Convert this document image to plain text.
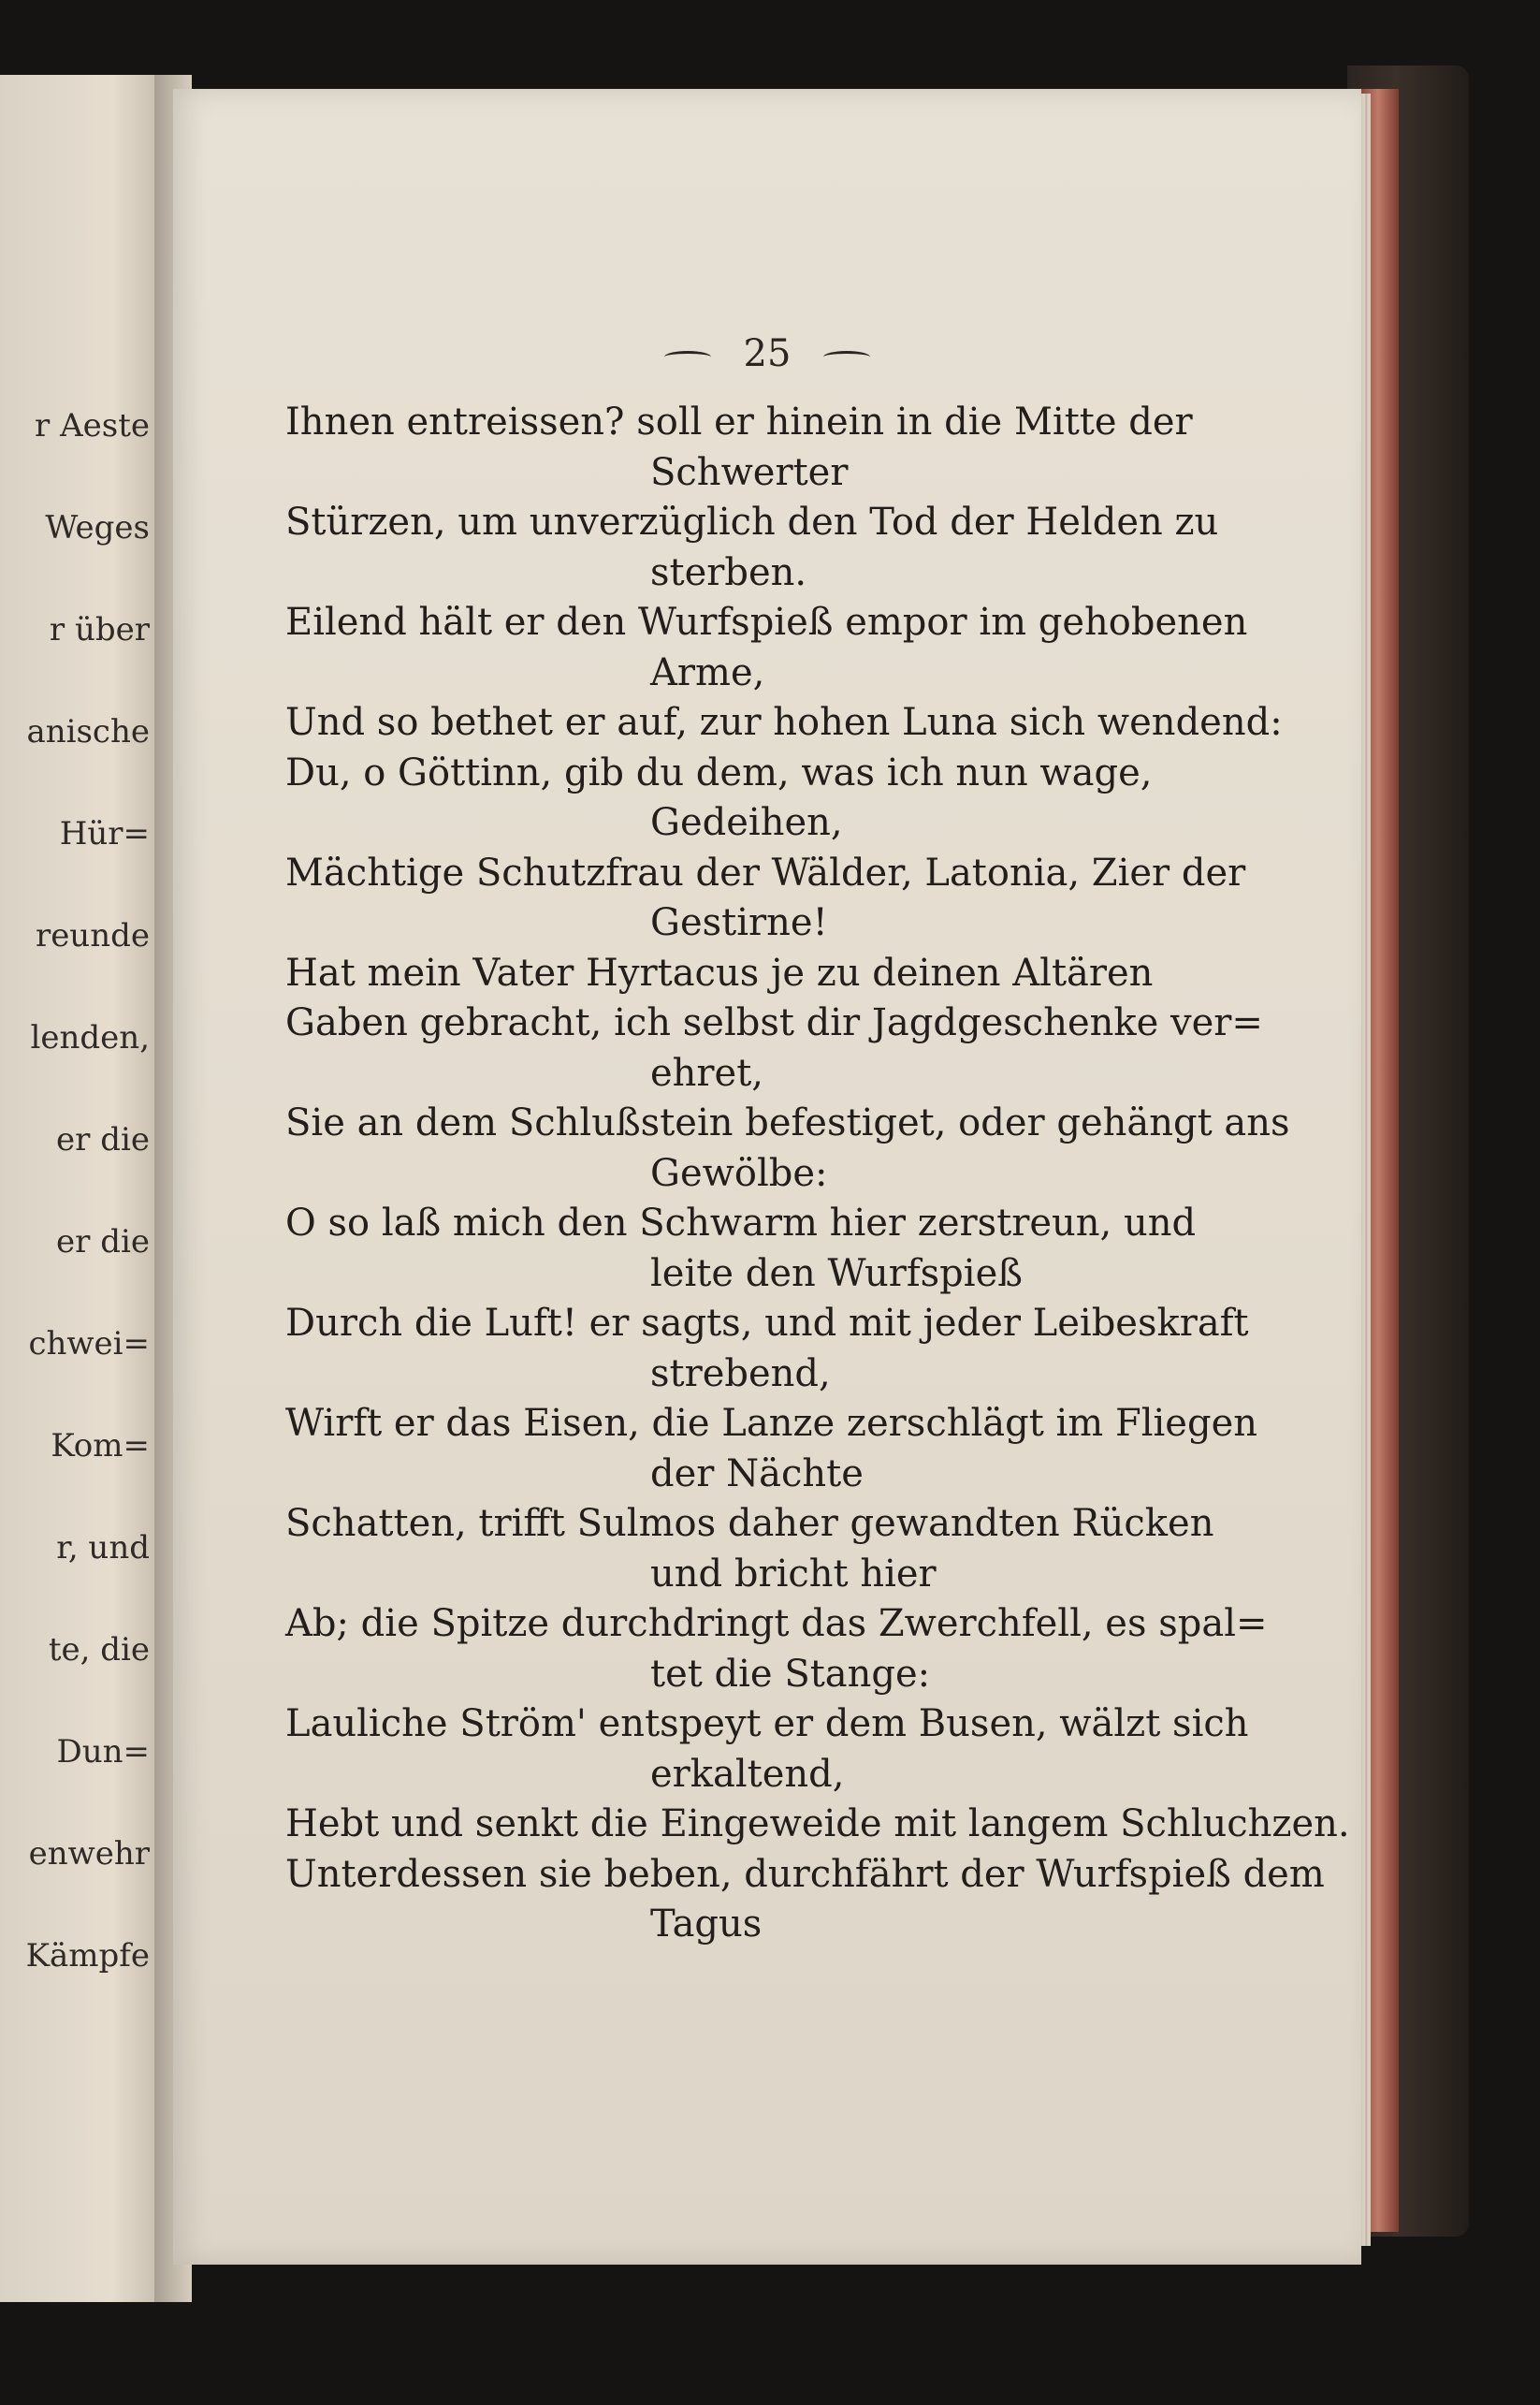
r Aeste
Weges
r über
anische
Hür=
reunde
lenden,
er die
er die
chwei=
Kom=
r, und
te, die
Dun=
enwehr
Kämpfe
25
Ihnen entreissen? soll er hinein in die Mitte der
Schwerter
Stürzen, um unverzüglich den Tod der Helden zu
sterben.
Eilend hält er den Wurfspieß empor im gehobenen
Arme,
Und so bethet er auf, zur hohen Luna sich wendend:
Du, o Göttinn, gib du dem, was ich nun wage,
Gedeihen,
Mächtige Schutzfrau der Wälder, Latonia, Zier der
Gestirne!
Hat mein Vater Hyrtacus je zu deinen Altären
Gaben gebracht, ich selbst dir Jagdgeschenke ver=
ehret,
Sie an dem Schlußstein befestiget, oder gehängt ans
Gewölbe:
O so laß mich den Schwarm hier zerstreun, und
leite den Wurfspieß
Durch die Luft! er sagts, und mit jeder Leibeskraft
strebend,
Wirft er das Eisen, die Lanze zerschlägt im Fliegen
der Nächte
Schatten, trifft Sulmos daher gewandten Rücken
und bricht hier
Ab; die Spitze durchdringt das Zwerchfell, es spal=
tet die Stange:
Lauliche Ström' entspeyt er dem Busen, wälzt sich
erkaltend,
Hebt und senkt die Eingeweide mit langem Schluchzen.
Unterdessen sie beben, durchfährt der Wurfspieß dem
Tagus
